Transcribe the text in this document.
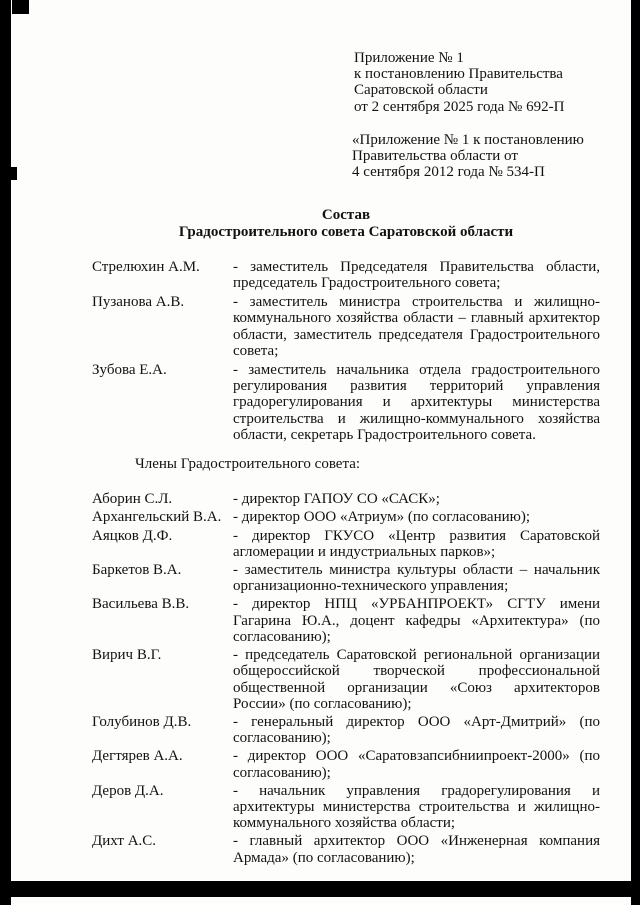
Приложение № 1
к постановлению Правительства
Саратовской области
от 2 сентября 2025 года № 692-П
«Приложение № 1 к постановлению
Правительства области от
4 сентября 2012 года № 534-П
Состав
Градостроительного совета Саратовской области
Стрелюхин А.М.	- заместитель Председателя Правительства области, председатель Градостроительного совета;
Пузанова А.В.	- заместитель министра строительства и жилищно-коммунального хозяйства области – главный архитектор области, заместитель председателя Градостроительного совета;
Зубова Е.А.	- заместитель начальника отдела градостроительного регулирования развития территорий управления градорегулирования и архитектуры министерства строительства и жилищно-коммунального хозяйства области, секретарь Градостроительного совета.
Члены Градостроительного совета:
Аборин С.Л.	- директор ГАПОУ СО «САСК»;
Архангельский В.А. - директор ООО «Атриум» (по согласованию);
Аяцков Д.Ф.	- директор ГКУСО «Центр развития Саратовской агломерации и индустриальных парков»;
Баркетов В.А.	- заместитель министра культуры области – начальник организационно-технического управления;
Васильева В.В.	- директор НПЦ «УРБАНПРОЕКТ» СГТУ имени Гагарина Ю.А., доцент кафедры «Архитектура» (по согласованию);
Вирич В.Г.	- председатель Саратовской региональной организации общероссийской творческой профессиональной общественной организации «Союз архитекторов России» (по согласованию);
Голубинов Д.В.	- генеральный директор ООО «Арт-Дмитрий» (по согласованию);
Дегтярев А.А.	- директор ООО «Саратовзапсибниипроект-2000» (по согласованию);
Деров Д.А.	- начальник управления градорегулирования и архитектуры министерства строительства и жилищно-коммунального хозяйства области;
Дихт А.С.	- главный архитектор ООО «Инженерная компания Армада» (по согласованию);
